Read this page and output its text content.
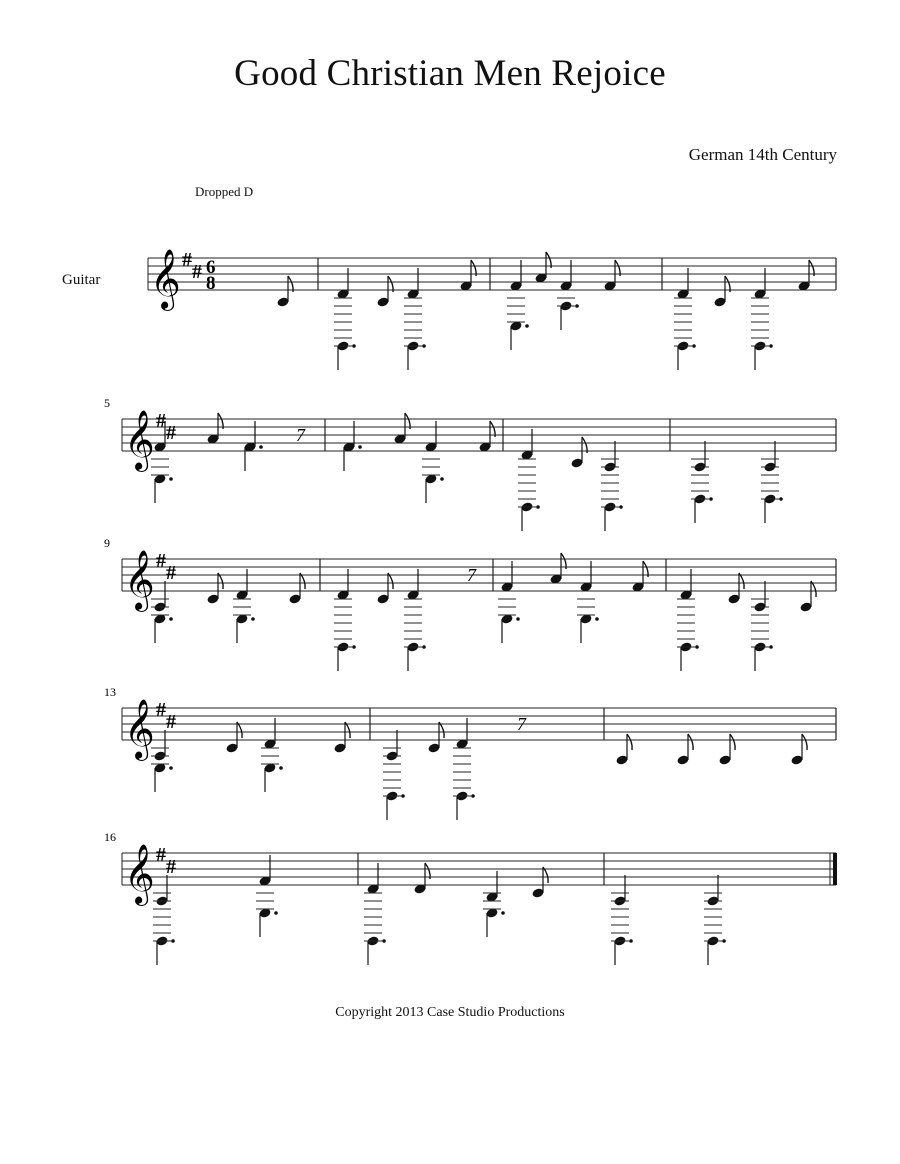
Good Christian Men Rejoice
German 14th Century
Dropped D
Guitar 𝄞 #
# 6
8
𝄞 #
#
5
7
𝄞 #
#
9
7
𝄞 #
#
13
7
𝄞 #
#
16
Copyright 2013 Case Studio Productions
